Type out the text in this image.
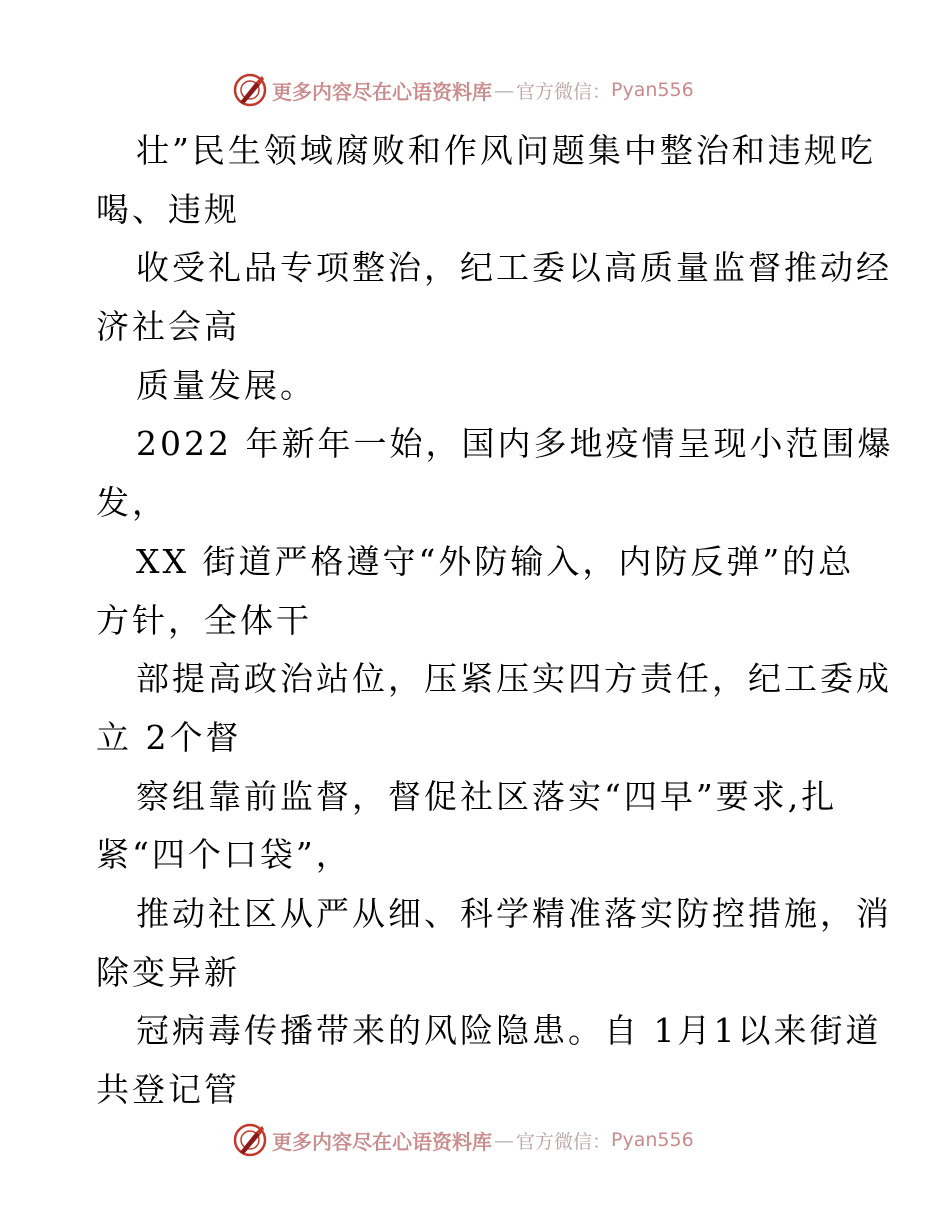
更多内容尽在心语资料库 — 官方微信： Pyan556
壮”民生领域腐败和作风问题集中整治和违规吃
喝、违规
收受礼品专项整治，纪工委以高质量监督推动经
济社会高
质量发展。
2022 年新年一始，国内多地疫情呈现小范围爆
发，
XX 街道严格遵守“外防输入，内防反弹”的总
方针，全体干
部提高政治站位，压紧压实四方责任，纪工委成
立 2个督
察组靠前监督，督促社区落实“四早”要求,扎
紧“四个口袋”，
推动社区从严从细、科学精准落实防控措施，消
除变异新
冠病毒传播带来的风险隐患。自 1月1以来街道
共登记管
更多内容尽在心语资料库 — 官方微信： Pyan556
